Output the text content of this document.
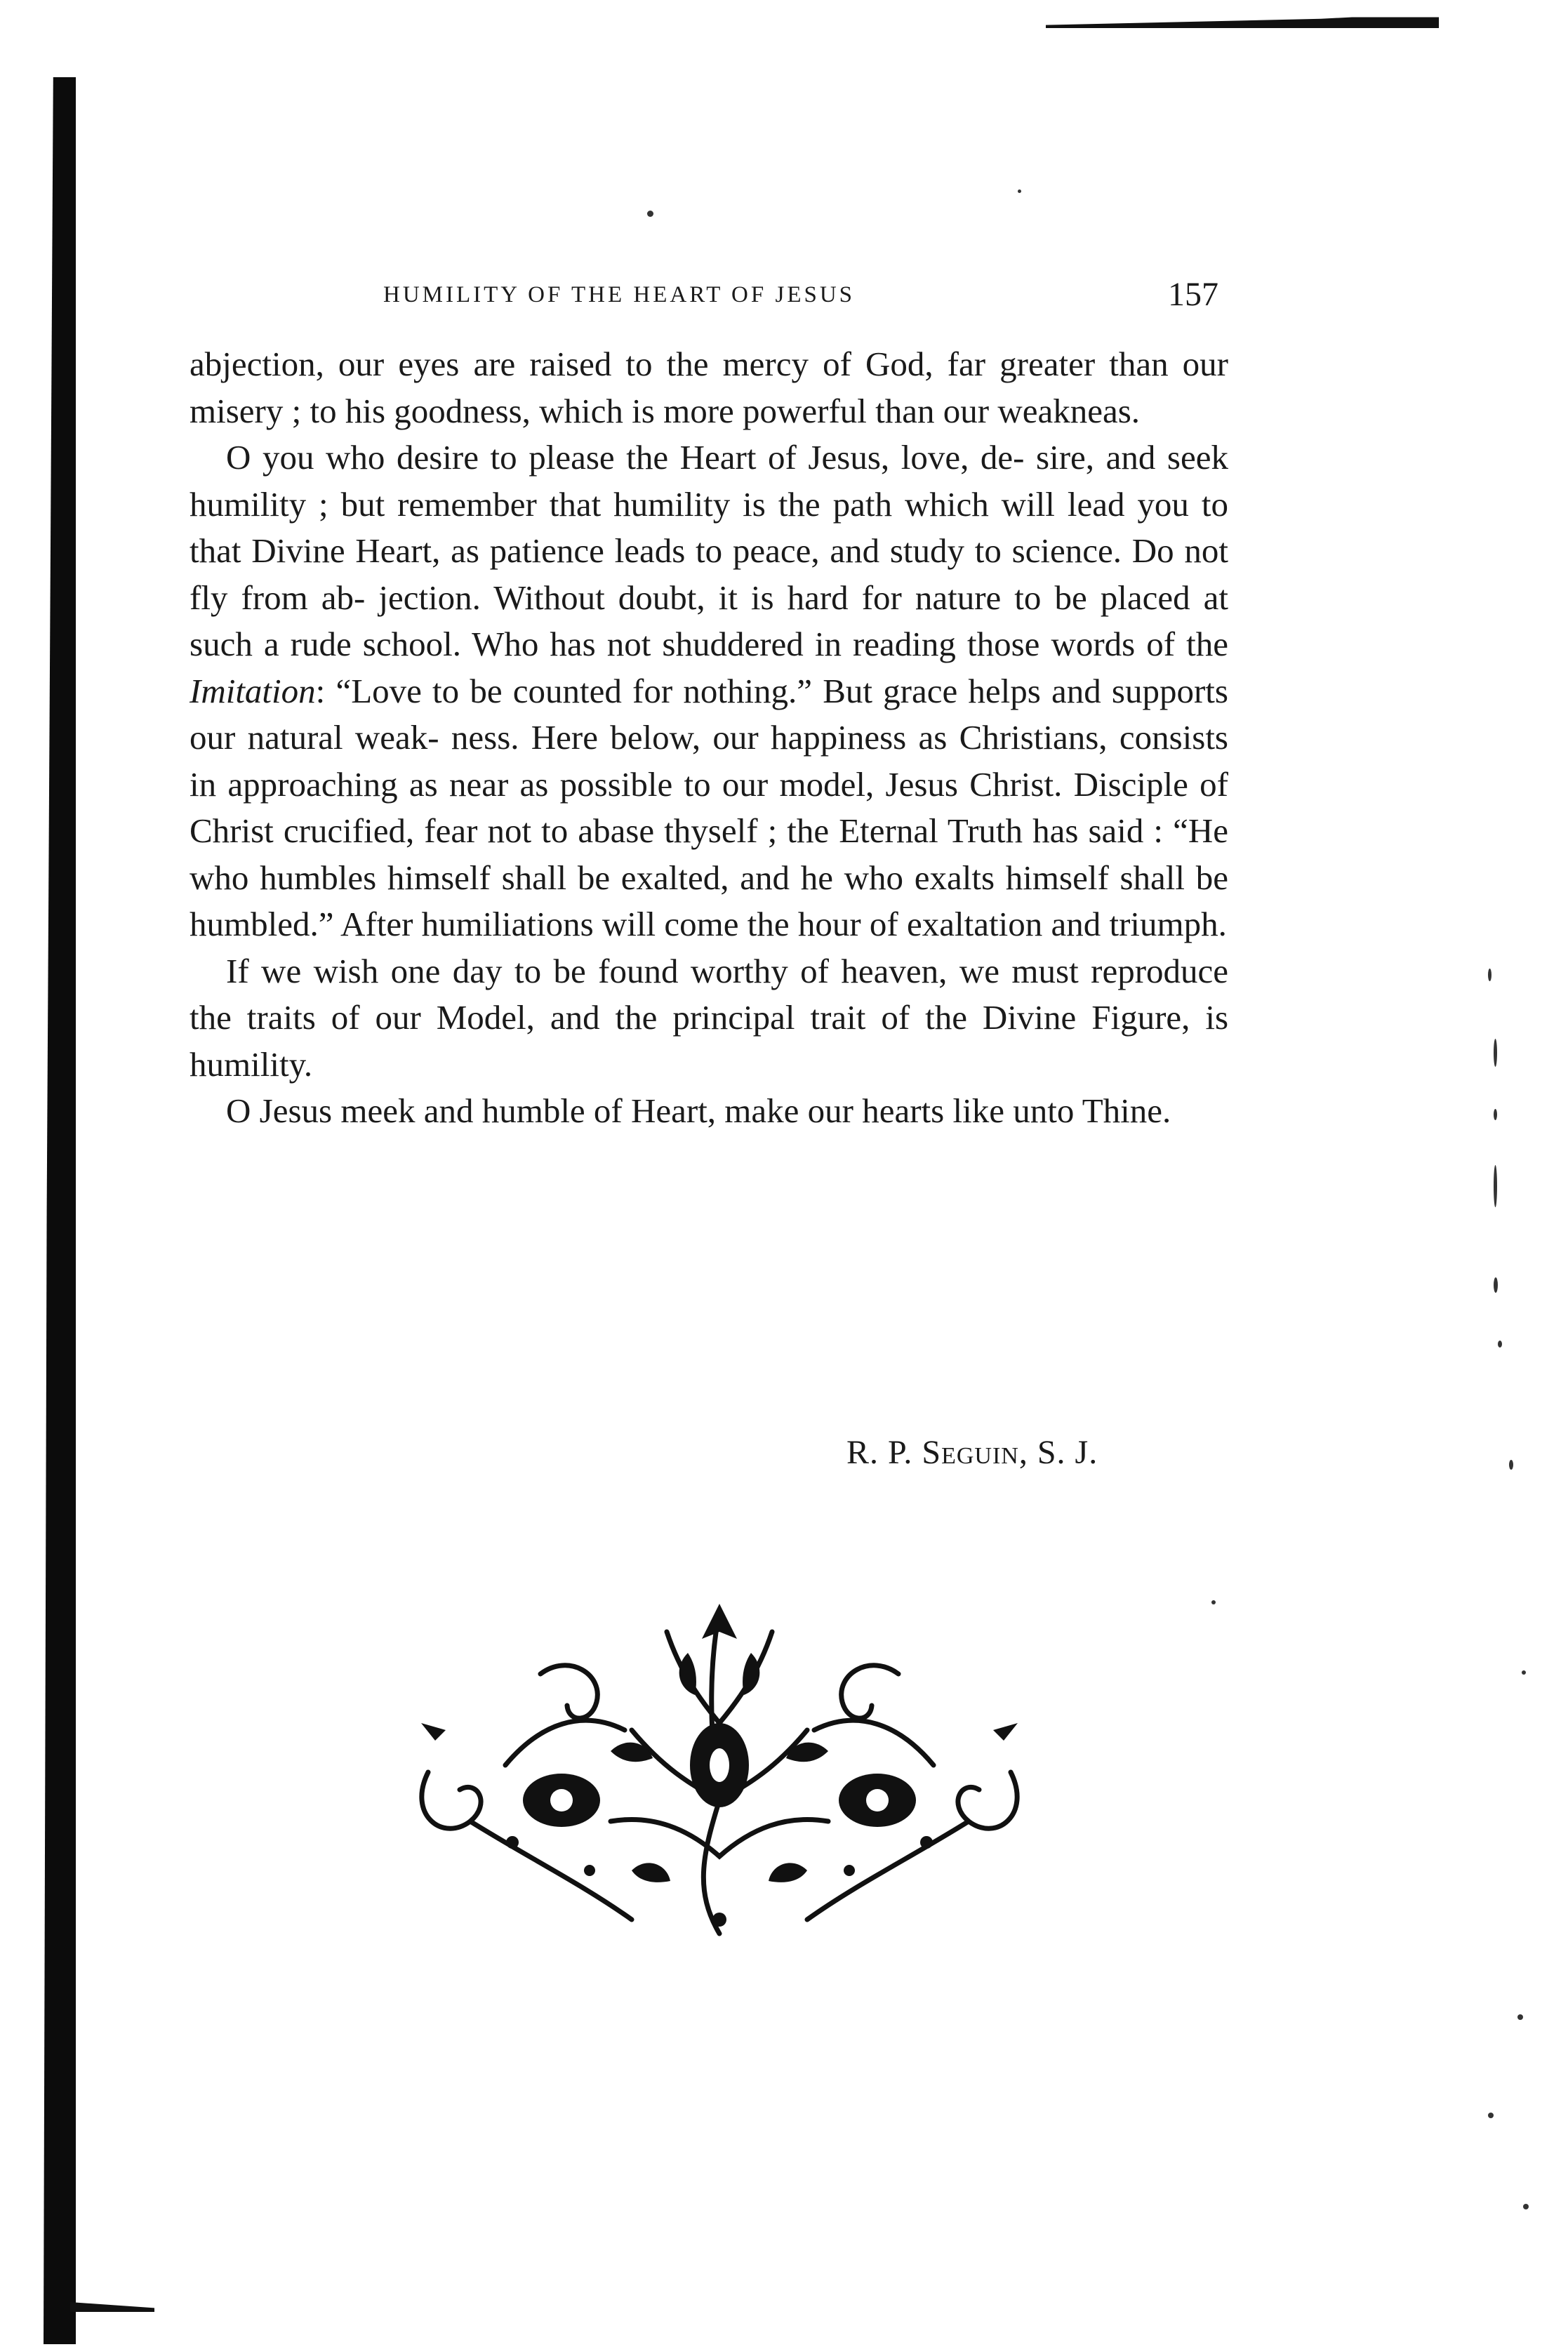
HUMILITY OF THE HEART OF JESUS	157

abjection, our eyes are raised to the mercy of God, far greater than our misery ; to his goodness, which is more powerful than our weakneas.

O you who desire to please the Heart of Jesus, love, de- sire, and seek humility ; but remember that humility is the path which will lead you to that Divine Heart, as patience leads to peace, and study to science. Do not fly from ab- jection. Without doubt, it is hard for nature to be placed at such a rude school. Who has not shuddered in reading those words of the Imitation: “Love to be counted for nothing.” But grace helps and supports our natural weak- ness. Here below, our happiness as Christians, consists in approaching as near as possible to our model, Jesus Christ. Disciple of Christ crucified, fear not to abase thyself ; the Eternal Truth has said : “He who humbles himself shall be exalted, and he who exalts himself shall be humbled.” After humiliations will come the hour of exaltation and triumph.

If we wish one day to be found worthy of heaven, we must reproduce the traits of our Model, and the principal trait of the Divine Figure, is humility.

O Jesus meek and humble of Heart, make our hearts like unto Thine.

R. P. Seguin, S. J.
